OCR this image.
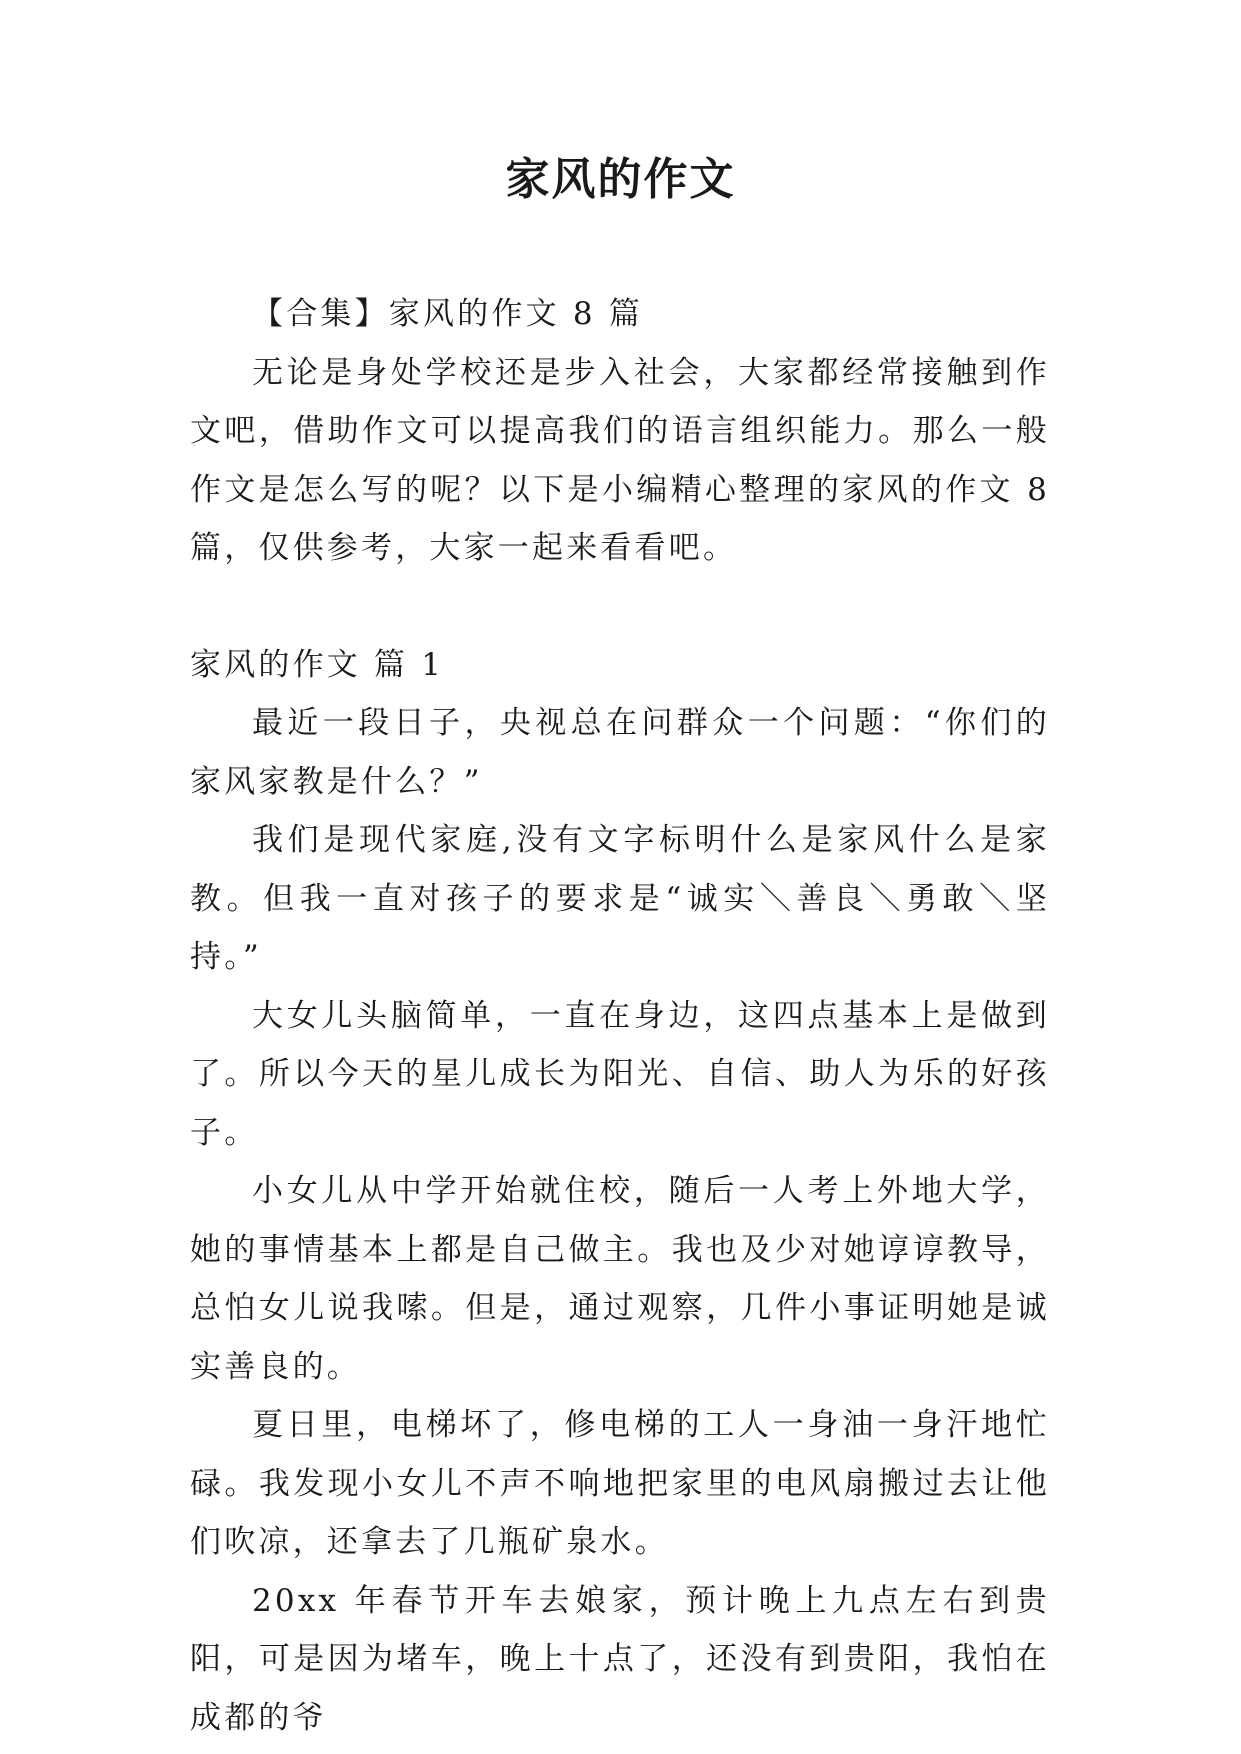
家风的作文

【合集】家风的作文 8 篇

无论是身处学校还是步入社会，大家都经常接触到作文吧，借助作文可以提高我们的语言组织能力。那么一般作文是怎么写的呢？以下是小编精心整理的家风的作文 8 篇，仅供参考，大家一起来看看吧。

家风的作文 篇 1

最近一段日子，央视总在问群众一个问题：“你们的家风家教是什么？”

我们是现代家庭,没有文字标明什么是家风什么是家教。但我一直对孩子的要求是“诚实＼善良＼勇敢＼坚持。”

大女儿头脑简单，一直在身边，这四点基本上是做到了。所以今天的星儿成长为阳光、自信、助人为乐的好孩子。

小女儿从中学开始就住校，随后一人考上外地大学，她的事情基本上都是自己做主。我也及少对她谆谆教导，总怕女儿说我嗦。但是，通过观察，几件小事证明她是诚实善良的。

夏日里，电梯坏了，修电梯的工人一身油一身汗地忙碌。我发现小女儿不声不响地把家里的电风扇搬过去让他们吹凉，还拿去了几瓶矿泉水。

20xx 年春节开车去娘家，预计晚上九点左右到贵阳，可是因为堵车，晚上十点了，还没有到贵阳，我怕在成都的爷
